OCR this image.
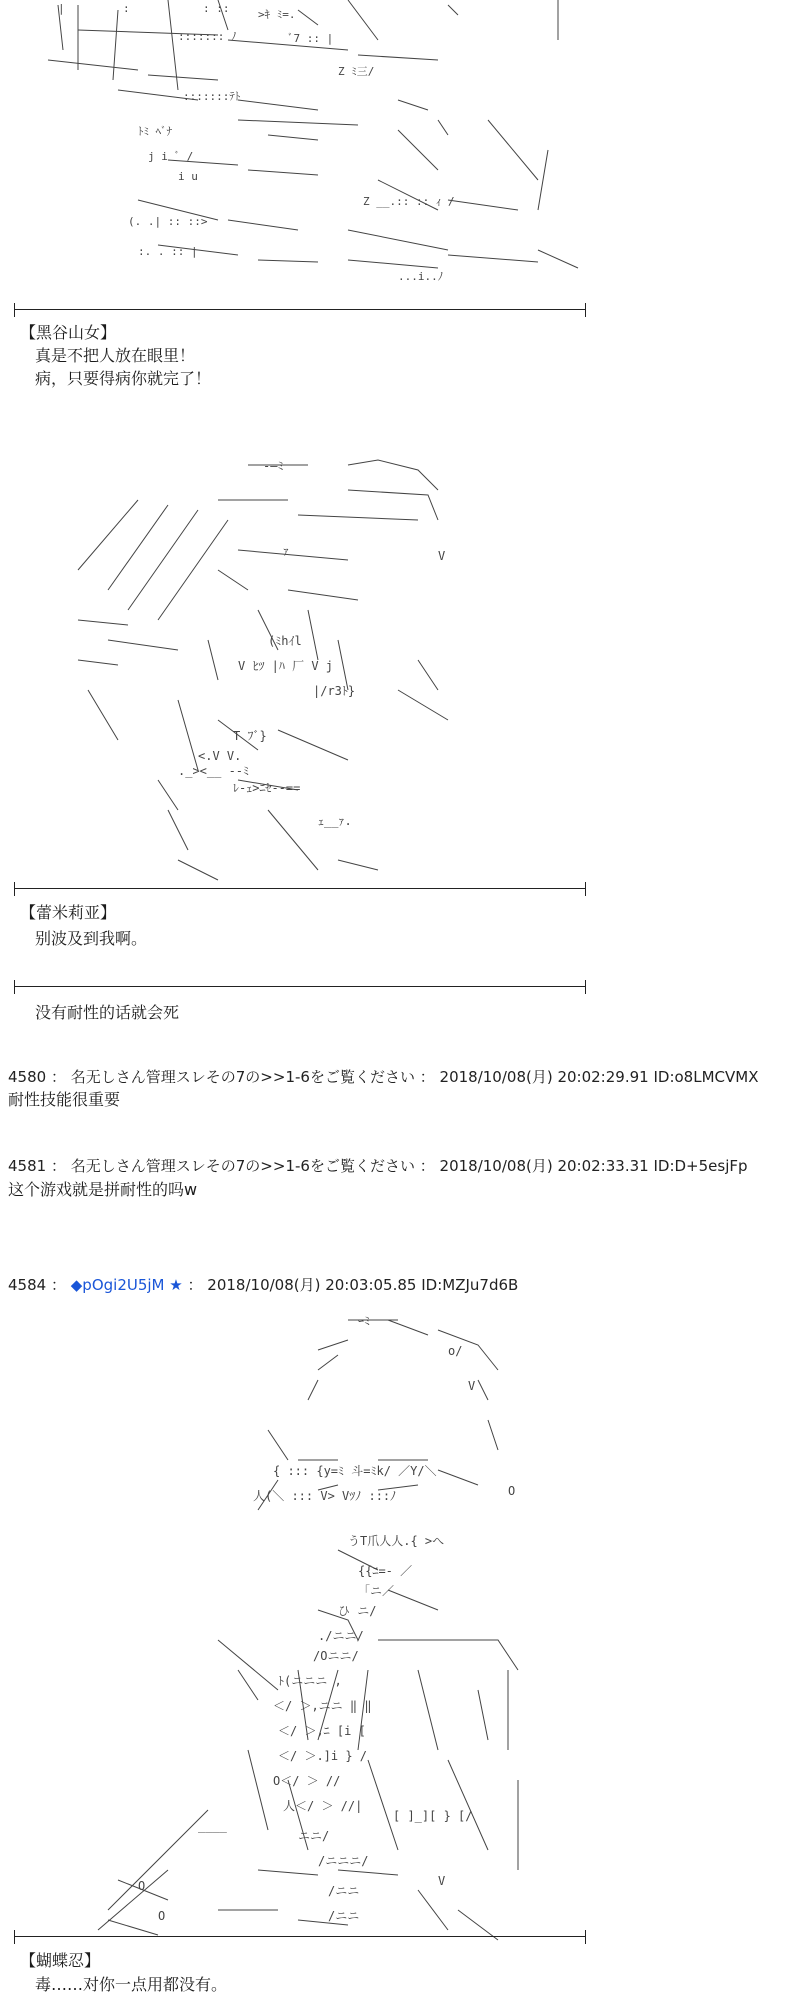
|	:	: ::	>ｷ ﾐ=.
::::::: ﾉ	ﾞ7 :: |
Z ﾐ三/
:::::::ﾃﾄ
ﾄﾐ ﾍﾞﾅ
j i ﾞ /
i u
Z __.:: :: ｨ /
(. .| :: ::>
:. . :: |
...i..ﾉ
【黑谷山女】
真是不把人放在眼里！
病，只要得病你就完了！
-―ﾐ
ｧ	V
(ﾐhｲl
V ﾋﾂ |ﾊ 厂 V j
|/r3ﾄ}
T ﾌﾞ}
<.V V.
._><__ --ﾐ
ﾚ-ｪ>ﾆｾ--==
ｪ__ｧ.
【蕾米莉亚】
别波及到我啊。
没有耐性的话就会死
4580 ： 名无しさん管理スレその7の>>1-6をご覧ください ： 2018/10/08(月) 20:02:29.91 ID:o8LMCVMX
耐性技能很重要
4581 ： 名无しさん管理スレその7の>>1-6をご覧ください ： 2018/10/08(月) 20:02:33.31 ID:D+5esjFp
这个游戏就是拼耐性的吗w
4584 ： ◆pOgi2U5jM ★ ： 2018/10/08(月) 20:03:05.85 ID:MZJu7d6B
ｰﾐ
o/
V
{ ::: {y=ﾐ 斗=ﾐk/ ／Y/＼
人(＼ ::: V> Vﾂﾉ :::ﾉ	O
うT爪人人.{ >へ
{{ﾆ=- ／
「ニ／
ひ ニ/
./ニニ/
/Oニニ/
ﾄ(ニニニ ,
＜/ ＞,ニニ ‖ ‖
＜/ ＞,ﾆ [i [
＜/ ＞.]i } /
O＜/ ＞ //
人＜/ ＞ //|
____
ニニ/
/ニニニ/
O	/ニニ
O	/ニニ
[ ]_][ } [/
V
【蝴蝶忍】
毒……对你一点用都没有。
